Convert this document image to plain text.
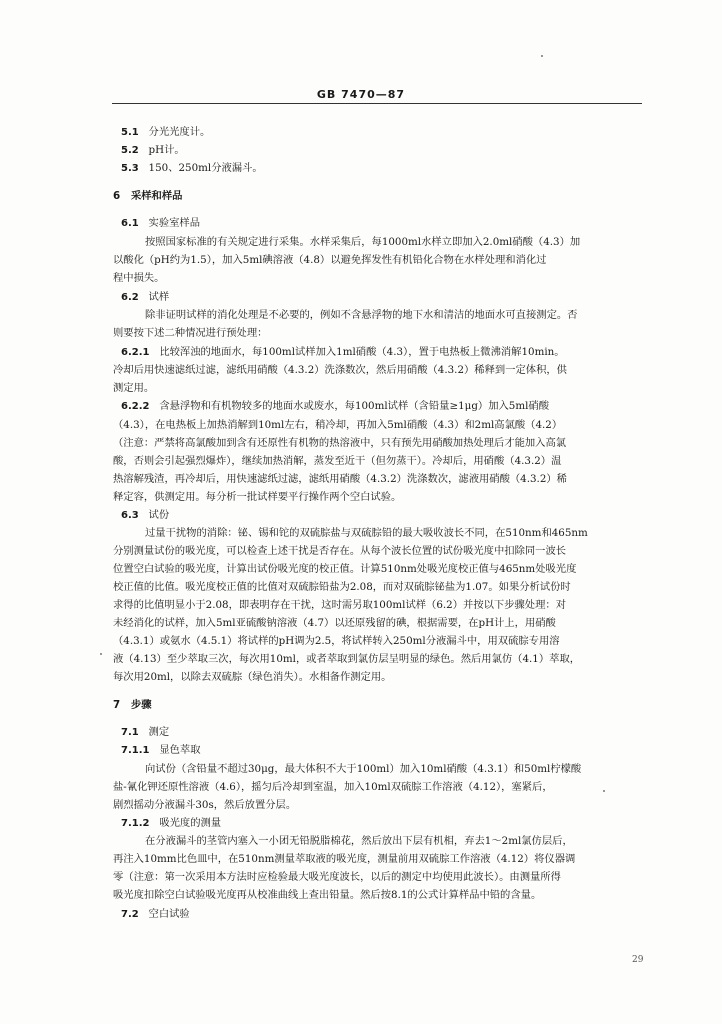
GB 7470—87
5.1 分光光度计。
5.2 pH计。
5.3 150、250ml分液漏斗。
6 采样和样品
6.1 实验室样品
按照国家标准的有关规定进行采集。水样采集后，每1000ml水样立即加入2.0ml硝酸（4.3）加
以酸化（pH约为1.5），加入5ml碘溶液（4.8）以避免挥发性有机铅化合物在水样处理和消化过
程中损失。
6.2 试样
除非证明试样的消化处理是不必要的，例如不含悬浮物的地下水和清洁的地面水可直接测定。否
则要按下述二种情况进行预处理：
6.2.1 比较浑浊的地面水，每100ml试样加入1ml硝酸（4.3），置于电热板上微沸消解10min。
冷却后用快速滤纸过滤，滤纸用硝酸（4.3.2）洗涤数次，然后用硝酸（4.3.2）稀释到一定体积，供
测定用。
6.2.2 含悬浮物和有机物较多的地面水或废水，每100ml试样（含铅量≥1μg）加入5ml硝酸
（4.3），在电热板上加热消解到10ml左右，稍冷却，再加入5ml硝酸（4.3）和2ml高氯酸（4.2）
（注意：严禁将高氯酸加到含有还原性有机物的热溶液中，只有预先用硝酸加热处理后才能加入高氯
酸，否则会引起强烈爆炸），继续加热消解，蒸发至近干（但勿蒸干）。冷却后，用硝酸（4.3.2）温
热溶解残渣，再冷却后，用快速滤纸过滤，滤纸用硝酸（4.3.2）洗涤数次，滤液用硝酸（4.3.2）稀
释定容，供测定用。每分析一批试样要平行操作两个空白试验。
6.3 试份
过量干扰物的消除：铋、锡和铊的双硫腙盐与双硫腙铅的最大吸收波长不同，在510nm和465nm
分别测量试份的吸光度，可以检查上述干扰是否存在。从每个波长位置的试份吸光度中扣除同一波长
位置空白试验的吸光度，计算出试份吸光度的校正值。计算510nm处吸光度校正值与465nm处吸光度
校正值的比值。吸光度校正值的比值对双硫腙铅盐为2.08，而对双硫腙铋盐为1.07。如果分析试份时
求得的比值明显小于2.08，即表明存在干扰，这时需另取100ml试样（6.2）并按以下步骤处理：对
未经消化的试样，加入5ml亚硫酸钠溶液（4.7）以还原残留的碘，根据需要，在pH计上，用硝酸
（4.3.1）或氨水（4.5.1）将试样的pH调为2.5，将试样转入250ml分液漏斗中，用双硫腙专用溶
液（4.13）至少萃取三次，每次用10ml，或者萃取到氯仿层呈明显的绿色。然后用氯仿（4.1）萃取，
每次用20ml，以除去双硫腙（绿色消失）。水相备作测定用。
7 步骤
7.1 测定
7.1.1 显色萃取
向试份（含铅量不超过30μg，最大体积不大于100ml）加入10ml硝酸（4.3.1）和50ml柠檬酸
盐-氰化钾还原性溶液（4.6），摇匀后冷却到室温，加入10ml双硫腙工作溶液（4.12），塞紧后，
剧烈摇动分液漏斗30s，然后放置分层。
7.1.2 吸光度的测量
在分液漏斗的茎管内塞入一小团无铅脱脂棉花，然后放出下层有机相，弃去1～2ml氯仿层后，
再注入10mm比色皿中，在510nm测量萃取液的吸光度，测量前用双硫腙工作溶液（4.12）将仪器调
零（注意：第一次采用本方法时应检验最大吸光度波长，以后的测定中均使用此波长）。由测量所得
吸光度扣除空白试验吸光度再从校准曲线上查出铅量。然后按8.1的公式计算样品中铅的含量。
7.2 空白试验
29
